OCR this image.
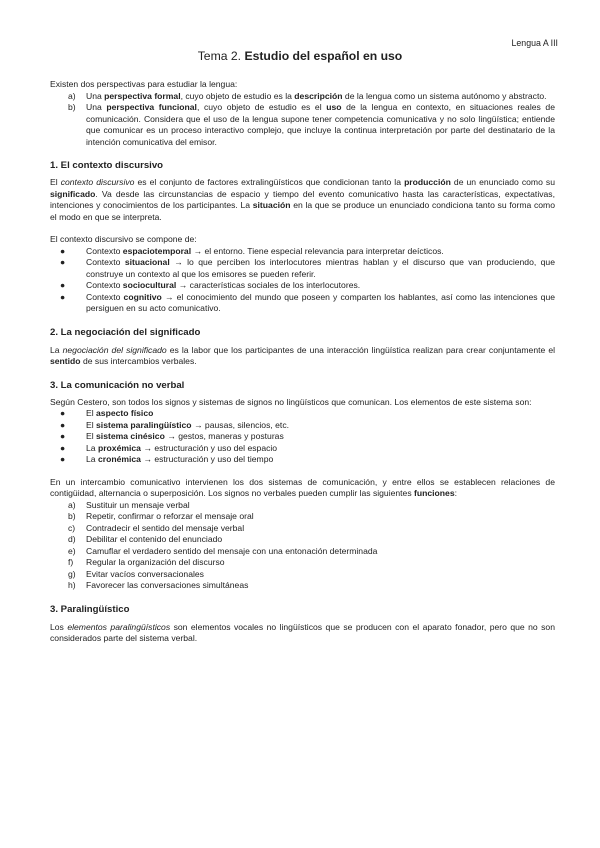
Lengua A III
Tema 2. Estudio del español en uso

Existen dos perspectivas para estudiar la lengua:

a)	Una perspectiva formal, cuyo objeto de estudio es la descripción de la lengua como un sistema autónomo y abstracto.
b)	Una perspectiva funcional, cuyo objeto de estudio es el uso de la lengua en contexto, en situaciones reales de comunicación. Considera que el uso de la lengua supone tener competencia comunicativa y no solo lingüística; entiende que comunicar es un proceso interactivo complejo, que incluye la continua interpretación por parte del destinatario de la intención comunicativa del emisor.
1. El contexto discursivo

El contexto discursivo es el conjunto de factores extralingüísticos que condicionan tanto la producción de un enunciado como su significado. Va desde las circunstancias de espacio y tiempo del evento comunicativo hasta las características, expectativas, intenciones y conocimientos de los participantes. La situación en la que se produce un enunciado condiciona tanto su forma como el modo en que se interpreta.

El contexto discursivo se compone de:

●	Contexto espaciotemporal → el entorno. Tiene especial relevancia para interpretar deícticos.
●	Contexto situacional → lo que perciben los interlocutores mientras hablan y el discurso que van produciendo, que construye un contexto al que los emisores se pueden referir.
●	Contexto sociocultural → características sociales de los interlocutores.
●	Contexto cognitivo → el conocimiento del mundo que poseen y comparten los hablantes, así como las intenciones que persiguen en su acto comunicativo.
2. La negociación del significado

La negociación del significado es la labor que los participantes de una interacción lingüística realizan para crear conjuntamente el sentido de sus intercambios verbales.

3. La comunicación no verbal

Según Cestero, son todos los signos y sistemas de signos no lingüísticos que comunican. Los elementos de este sistema son:

●	El aspecto físico
●	El sistema paralingüístico → pausas, silencios, etc.
●	El sistema cinésico → gestos, maneras y posturas
●	La proxémica → estructuración y uso del espacio
●	La cronémica → estructuración y uso del tiempo

En un intercambio comunicativo intervienen los dos sistemas de comunicación, y entre ellos se establecen relaciones de contigüidad, alternancia o superposición. Los signos no verbales pueden cumplir las siguientes funciones:

a)	Sustituir un mensaje verbal
b)	Repetir, confirmar o reforzar el mensaje oral
c)	Contradecir el sentido del mensaje verbal
d)	Debilitar el contenido del enunciado
e)	Camuflar el verdadero sentido del mensaje con una entonación determinada
f)	Regular la organización del discurso
g)	Evitar vacíos conversacionales
h)	Favorecer las conversaciones simultáneas
3. Paralingüístico

Los elementos paralingüísticos son elementos vocales no lingüísticos que se producen con el aparato fonador, pero que no son considerados parte del sistema verbal.
